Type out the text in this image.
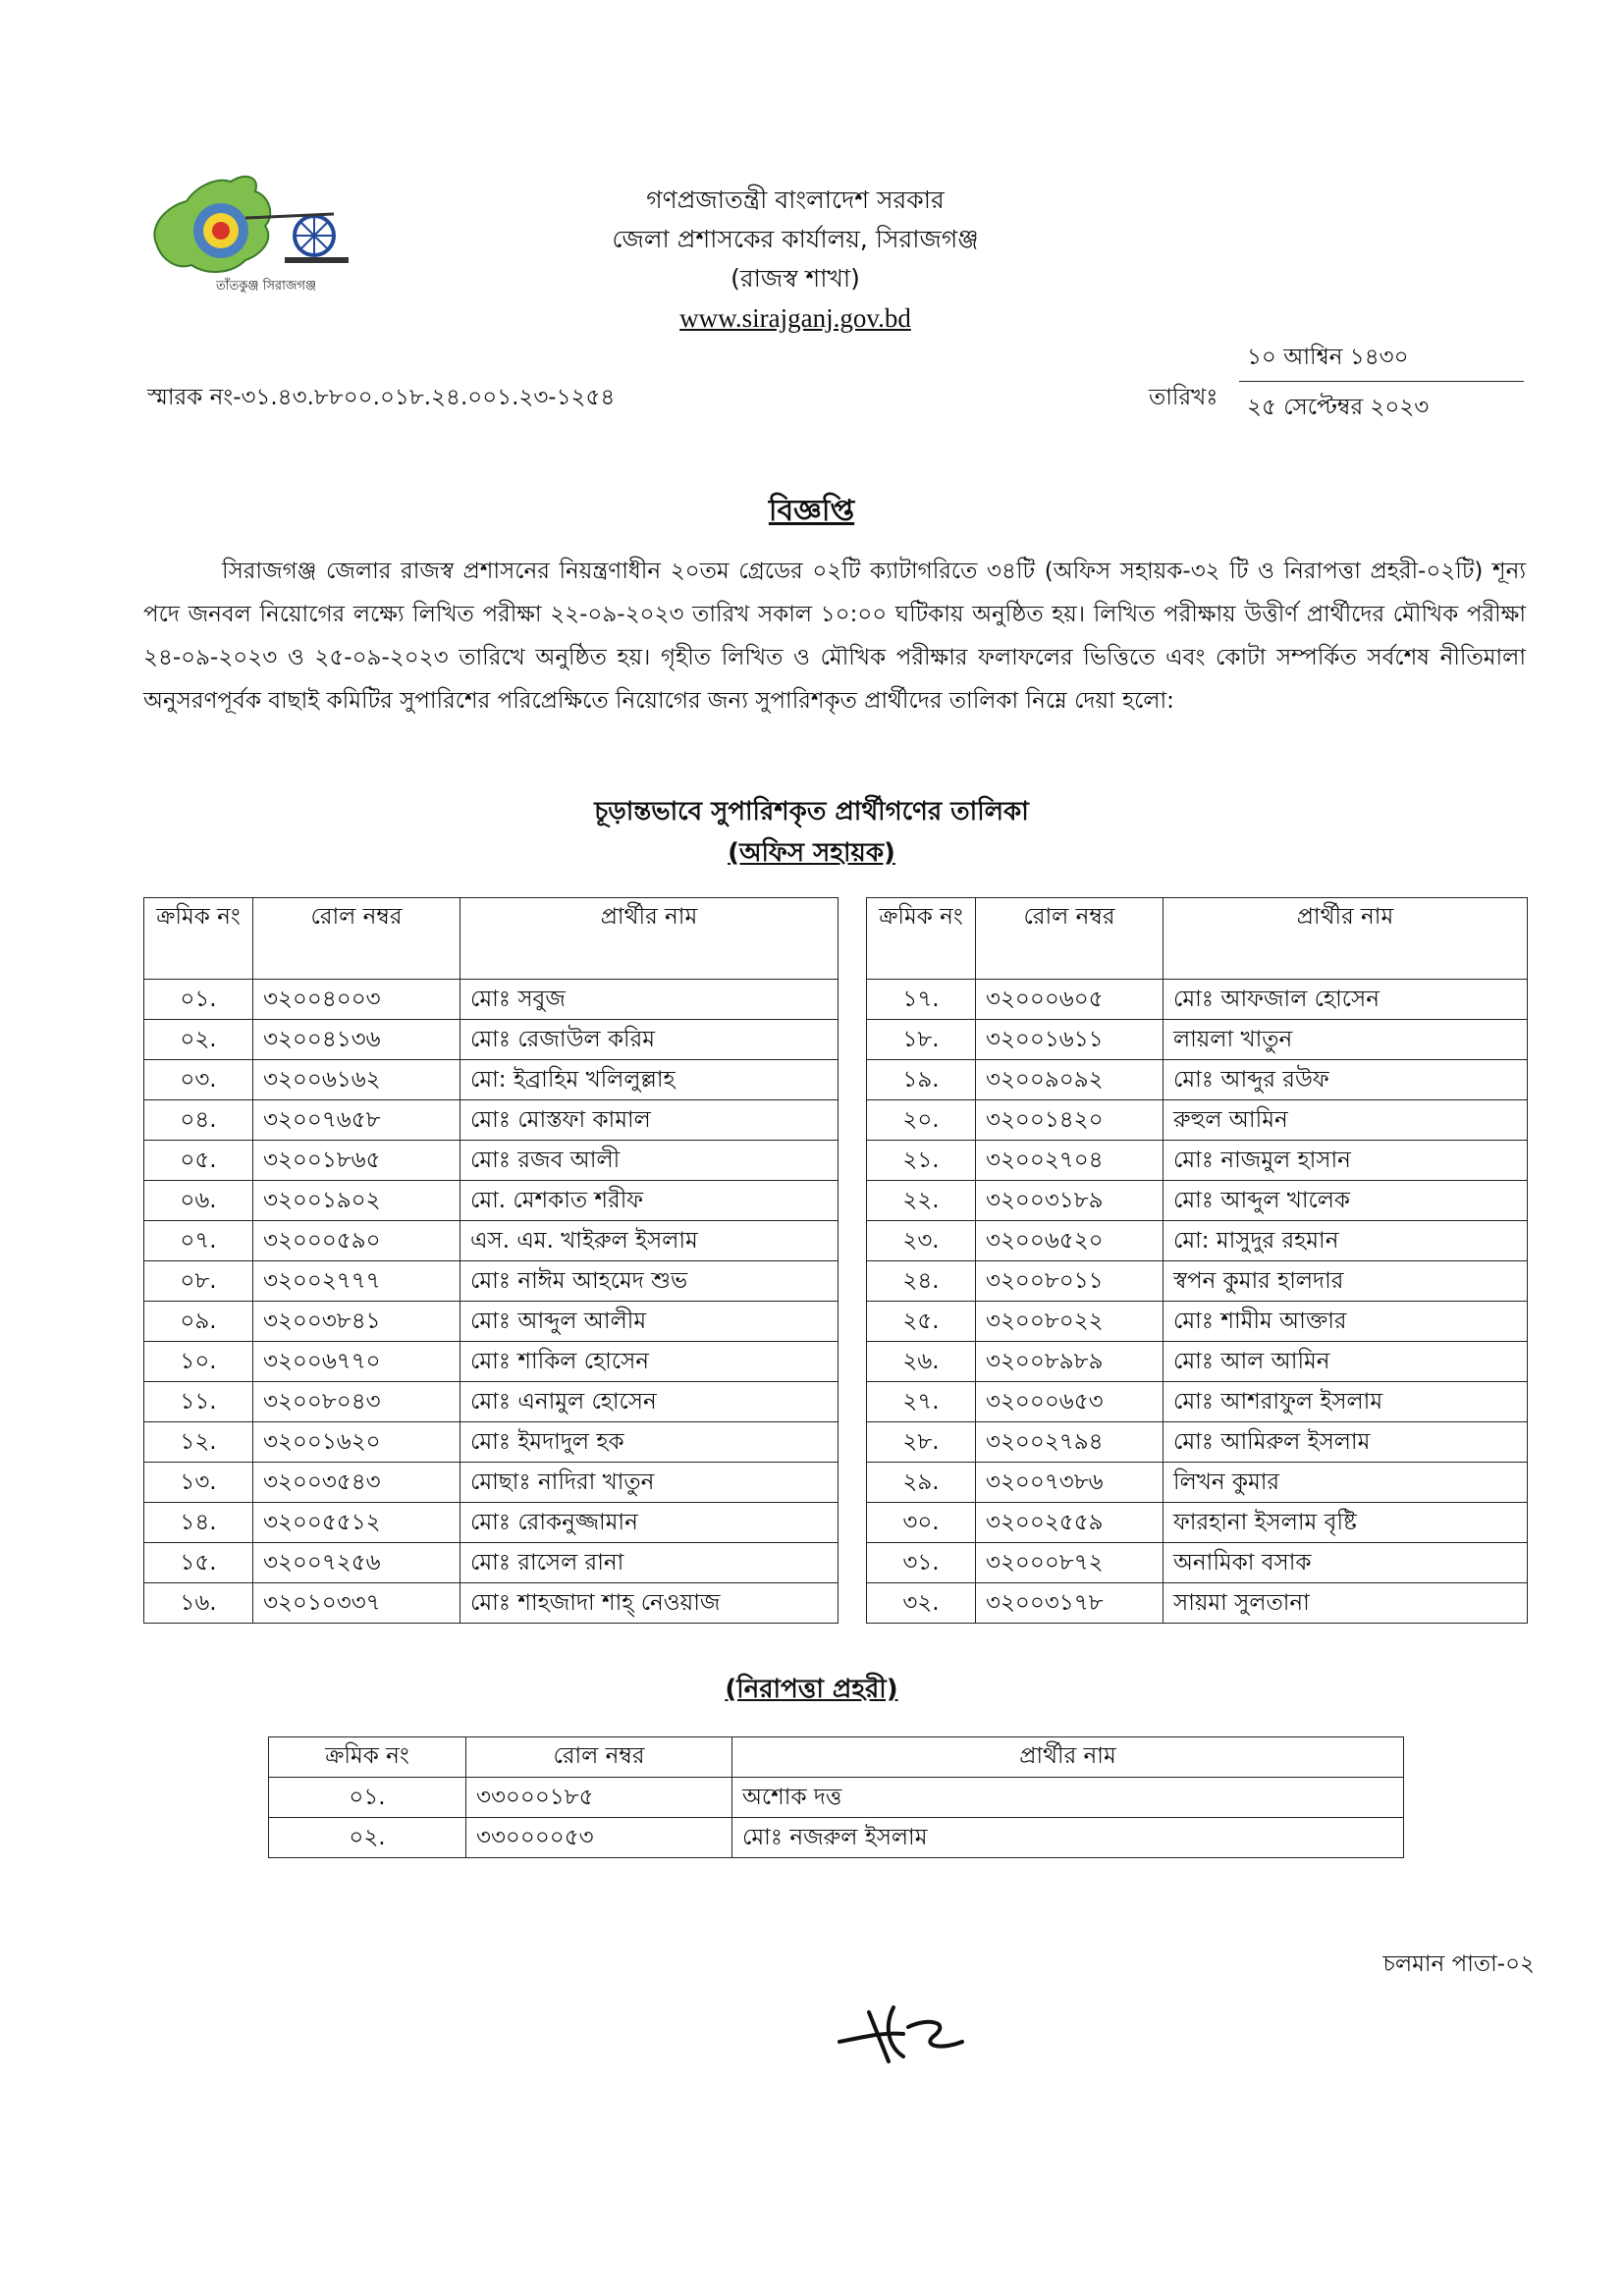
তাঁতকুঞ্জ সিরাজগঞ্জ
গণপ্রজাতন্ত্রী বাংলাদেশ সরকার
জেলা প্রশাসকের কার্যালয়, সিরাজগঞ্জ
(রাজস্ব শাখা)
www.sirajganj.gov.bd
স্মারক নং-৩১.৪৩.৮৮০০.০১৮.২৪.০০১.২৩-১২৫৪
১০ আশ্বিন ১৪৩০
তারিখঃ ২৫ সেপ্টেম্বর ২০২৩
বিজ্ঞপ্তি
সিরাজগঞ্জ জেলার রাজস্ব প্রশাসনের নিয়ন্ত্রণাধীন ২০তম গ্রেডের ০২টি ক্যাটাগরিতে ৩৪টি (অফিস সহায়ক-৩২ টি ও নিরাপত্তা প্রহরী-০২টি) শূন্য পদে জনবল নিয়োগের লক্ষ্যে লিখিত পরীক্ষা ২২-০৯-২০২৩ তারিখ সকাল ১০:০০ ঘটিকায় অনুষ্ঠিত হয়। লিখিত পরীক্ষায় উত্তীর্ণ প্রার্থীদের মৌখিক পরীক্ষা ২৪-০৯-২০২৩ ও ২৫-০৯-২০২৩ তারিখে অনুষ্ঠিত হয়। গৃহীত লিখিত ও মৌখিক পরীক্ষার ফলাফলের ভিত্তিতে এবং কোটা সম্পর্কিত সর্বশেষ নীতিমালা অনুসরণপূর্বক বাছাই কমিটির সুপারিশের পরিপ্রেক্ষিতে নিয়োগের জন্য সুপারিশকৃত প্রার্থীদের তালিকা নিম্নে দেয়া হলো:
চূড়ান্তভাবে সুপারিশকৃত প্রার্থীগণের তালিকা
(অফিস সহায়ক)
ক্রমিক নং	রোল নম্বর	প্রার্থীর নাম
০১.	৩২০০৪০০৩	মোঃ সবুজ
০২.	৩২০০৪১৩৬	মোঃ রেজাউল করিম
০৩.	৩২০০৬১৬২	মো: ইব্রাহিম খলিলুল্লাহ
০৪.	৩২০০৭৬৫৮	মোঃ মোস্তফা কামাল
০৫.	৩২০০১৮৬৫	মোঃ রজব আলী
০৬.	৩২০০১৯০২	মো. মেশকাত শরীফ
০৭.	৩২০০০৫৯০	এস. এম. খাইরুল ইসলাম
০৮.	৩২০০২৭৭৭	মোঃ নাঈম আহমেদ শুভ
০৯.	৩২০০৩৮৪১	মোঃ আব্দুল আলীম
১০.	৩২০০৬৭৭০	মোঃ শাকিল হোসেন
১১.	৩২০০৮০৪৩	মোঃ এনামুল হোসেন
১২.	৩২০০১৬২০	মোঃ ইমদাদুল হক
১৩.	৩২০০৩৫৪৩	মোছাঃ নাদিরা খাতুন
১৪.	৩২০০৫৫১২	মোঃ রোকনুজ্জামান
১৫.	৩২০০৭২৫৬	মোঃ রাসেল রানা
১৬.	৩২০১০৩৩৭	মোঃ শাহজাদা শাহ্ নেওয়াজ
ক্রমিক নং	রোল নম্বর	প্রার্থীর নাম
১৭.	৩২০০০৬০৫	মোঃ আফজাল হোসেন
১৮.	৩২০০১৬১১	লায়লা খাতুন
১৯.	৩২০০৯০৯২	মোঃ আব্দুর রউফ
২০.	৩২০০১৪২০	রুহুল আমিন
২১.	৩২০০২৭০৪	মোঃ নাজমুল হাসান
২২.	৩২০০৩১৮৯	মোঃ আব্দুল খালেক
২৩.	৩২০০৬৫২০	মো: মাসুদুর রহমান
২৪.	৩২০০৮০১১	স্বপন কুমার হালদার
২৫.	৩২০০৮০২২	মোঃ শামীম আক্তার
২৬.	৩২০০৮৯৮৯	মোঃ আল আমিন
২৭.	৩২০০০৬৫৩	মোঃ আশরাফুল ইসলাম
২৮.	৩২০০২৭৯৪	মোঃ আমিরুল ইসলাম
২৯.	৩২০০৭৩৮৬	লিখন কুমার
৩০.	৩২০০২৫৫৯	ফারহানা ইসলাম বৃষ্টি
৩১.	৩২০০০৮৭২	অনামিকা বসাক
৩২.	৩২০০৩১৭৮	সায়মা সুলতানা
(নিরাপত্তা প্রহরী)
ক্রমিক নং	রোল নম্বর	প্রার্থীর নাম
০১.	৩৩০০০১৮৫	অশোক দত্ত
০২.	৩৩০০০০৫৩	মোঃ নজরুল ইসলাম
চলমান পাতা-০২
